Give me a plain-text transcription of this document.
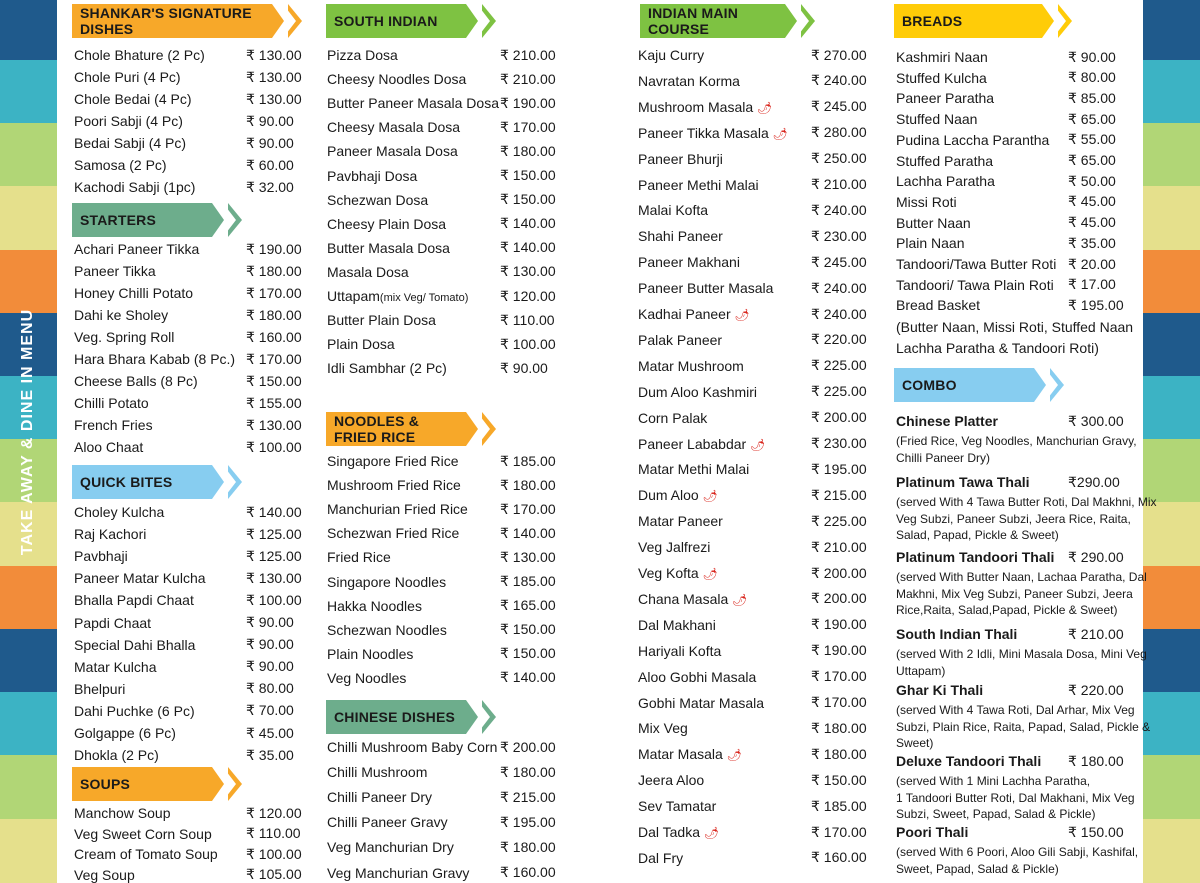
TAKE AWAY & DINE IN MENU
SHANKAR'S SIGNATURE DISHES
Chole Bhature (2 Pc)	₹ 130.00
Chole Puri (4 Pc)	₹ 130.00
Chole Bedai (4 Pc)	₹ 130.00
Poori Sabji (4 Pc)	₹ 90.00
Bedai Sabji (4 Pc)	₹ 90.00
Samosa (2 Pc)	₹ 60.00
Kachodi Sabji (1pc)	₹ 32.00
STARTERS
Achari Paneer Tikka	₹ 190.00
Paneer Tikka	₹ 180.00
Honey Chilli Potato	₹ 170.00
Dahi ke Sholey	₹ 180.00
Veg. Spring Roll	₹ 160.00
Hara Bhara Kabab (8 Pc.) ₹ 170.00
Cheese Balls (8 Pc)	₹ 150.00
Chilli Potato	₹ 155.00
French Fries	₹ 130.00
Aloo Chaat	₹ 100.00
QUICK BITES
Choley Kulcha	₹ 140.00
Raj Kachori	₹ 125.00
Pavbhaji	₹ 125.00
Paneer Matar Kulcha	₹ 130.00
Bhalla Papdi Chaat	₹ 100.00
Papdi Chaat	₹ 90.00
Special Dahi Bhalla	₹ 90.00
Matar Kulcha	₹ 90.00
Bhelpuri	₹ 80.00
Dahi Puchke (6 Pc)	₹ 70.00
Golgappe (6 Pc)	₹ 45.00
Dhokla (2 Pc)	₹ 35.00
SOUPS
Manchow Soup	₹ 120.00
Veg Sweet Corn Soup ₹ 110.00
Cream of Tomato Soup ₹ 100.00
Veg Soup	₹ 105.00
SOUTH INDIAN
Pizza Dosa	₹ 210.00
Cheesy Noodles Dosa ₹ 210.00
Butter Paneer Masala Dosa ₹ 190.00
Cheesy Masala Dosa	₹ 170.00
Paneer Masala Dosa	₹ 180.00
Pavbhaji Dosa	₹ 150.00
Schezwan Dosa	₹ 150.00
Cheesy Plain Dosa	₹ 140.00
Butter Masala Dosa	₹ 140.00
Masala Dosa	₹ 130.00
Uttapam(mix Veg/ Tomato) ₹ 120.00
Butter Plain Dosa	₹ 110.00
Plain Dosa	₹ 100.00
Idli Sambhar (2 Pc)	₹ 90.00
NOODLES & FRIED RICE
Singapore Fried Rice	₹ 185.00
Mushroom Fried Rice	₹ 180.00
Manchurian Fried Rice ₹ 170.00
Schezwan Fried Rice	₹ 140.00
Fried Rice	₹ 130.00
Singapore Noodles	₹ 185.00
Hakka Noodles	₹ 165.00
Schezwan Noodles	₹ 150.00
Plain Noodles	₹ 150.00
Veg Noodles	₹ 140.00
CHINESE DISHES
Chilli Mushroom Baby Corn ₹ 200.00
Chilli Mushroom	₹ 180.00
Chilli Paneer Dry	₹ 215.00
Chilli Paneer Gravy	₹ 195.00
Veg Manchurian Dry	₹ 180.00
Veg Manchurian Gravy ₹ 160.00
INDIAN MAIN COURSE
Kaju Curry	₹ 270.00
Navratan Korma	₹ 240.00
Mushroom Masala 🌶	₹ 245.00
Paneer Tikka Masala 🌶 ₹ 280.00
Paneer Bhurji	₹ 250.00
Paneer Methi Malai	₹ 210.00
Malai Kofta	₹ 240.00
Shahi Paneer	₹ 230.00
Paneer Makhani	₹ 245.00
Paneer Butter Masala	₹ 240.00
Kadhai Paneer 🌶	₹ 240.00
Palak Paneer	₹ 220.00
Matar Mushroom	₹ 225.00
Dum Aloo Kashmiri	₹ 225.00
Corn Palak	₹ 200.00
Paneer Lababdar 🌶	₹ 230.00
Matar Methi Malai	₹ 195.00
Dum Aloo 🌶	₹ 215.00
Matar Paneer	₹ 225.00
Veg Jalfrezi	₹ 210.00
Veg Kofta 🌶	₹ 200.00
Chana Masala 🌶	₹ 200.00
Dal Makhani	₹ 190.00
Hariyali Kofta	₹ 190.00
Aloo Gobhi Masala	₹ 170.00
Gobhi Matar Masala	₹ 170.00
Mix Veg	₹ 180.00
Matar Masala 🌶	₹ 180.00
Jeera Aloo	₹ 150.00
Sev Tamatar	₹ 185.00
Dal Tadka 🌶	₹ 170.00
Dal Fry	₹ 160.00
BREADS
Kashmiri Naan	₹ 90.00
Stuffed Kulcha	₹ 80.00
Paneer Paratha	₹ 85.00
Stuffed Naan	₹ 65.00
Pudina Laccha Parantha ₹ 55.00
Stuffed Paratha	₹ 65.00
Lachha Paratha	₹ 50.00
Missi Roti	₹ 45.00
Butter Naan	₹ 45.00
Plain Naan	₹ 35.00
Tandoori/Tawa Butter Roti ₹ 20.00
Tandoori/ Tawa Plain Roti ₹ 17.00
Bread Basket	₹ 195.00
(Butter Naan, Missi Roti, Stuffed Naan
Lachha Paratha & Tandoori Roti)
COMBO
Chinese Platter	₹ 300.00
(Fried Rice, Veg Noodles, Manchurian Gravy,
Chilli Paneer Dry)
Platinum Tawa Thali	₹290.00
(served With 4 Tawa Butter Roti, Dal Makhni, Mix
Veg Subzi, Paneer Subzi, Jeera Rice, Raita,
Salad, Papad, Pickle & Sweet)
Platinum Tandoori Thali ₹ 290.00
(served With Butter Naan, Lachaa Paratha, Dal
Makhni, Mix Veg Subzi, Paneer Subzi, Jeera
Rice,Raita, Salad,Papad, Pickle & Sweet)
South Indian Thali	₹ 210.00
(served With 2 Idli, Mini Masala Dosa, Mini Veg
Uttapam)
Ghar Ki Thali	₹ 220.00
(served With 4 Tawa Roti, Dal Arhar, Mix Veg
Subzi, Plain Rice, Raita, Papad, Salad, Pickle &
Sweet)
Deluxe Tandoori Thali ₹ 180.00
(served With 1 Mini Lachha Paratha,
1 Tandoori Butter Roti, Dal Makhani, Mix Veg
Subzi, Sweet, Papad, Salad & Pickle)
Poori Thali	₹ 150.00
(served With 6 Poori, Aloo Gili Sabji, Kashifal,
Sweet, Papad, Salad & Pickle)
